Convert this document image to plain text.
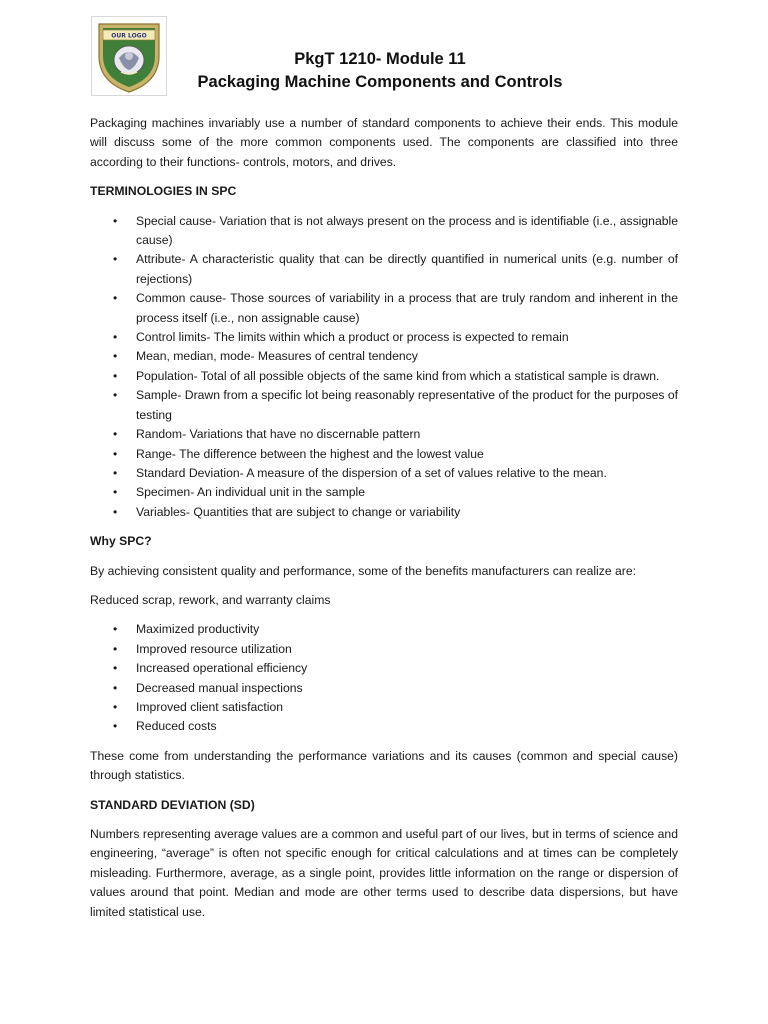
OUR LOGO
PkgT 1210- Module 11
Packaging Machine Components and Controls

Packaging machines invariably use a number of standard components to achieve their ends. This module will discuss some of the more common components used. The components are classified into three according to their functions- controls, motors, and drives.

TERMINOLOGIES IN SPC
• Special cause- Variation that is not always present on the process and is identifiable (i.e., assignable cause)
• Attribute- A characteristic quality that can be directly quantified in numerical units (e.g. number of rejections)
• Common cause- Those sources of variability in a process that are truly random and inherent in the process itself (i.e., non assignable cause)
• Control limits- The limits within which a product or process is expected to remain
• Mean, median, mode- Measures of central tendency
• Population- Total of all possible objects of the same kind from which a statistical sample is drawn.
• Sample- Drawn from a specific lot being reasonably representative of the product for the purposes of testing
• Random- Variations that have no discernable pattern
• Range- The difference between the highest and the lowest value
• Standard Deviation- A measure of the dispersion of a set of values relative to the mean.
• Specimen- An individual unit in the sample
• Variables- Quantities that are subject to change or variability
Why SPC?

By achieving consistent quality and performance, some of the benefits manufacturers can realize are:

Reduced scrap, rework, and warranty claims

• Maximized productivity
• Improved resource utilization
• Increased operational efficiency
• Decreased manual inspections
• Improved client satisfaction
• Reduced costs

These come from understanding the performance variations and its causes (common and special cause) through statistics.

STANDARD DEVIATION (SD)

Numbers representing average values are a common and useful part of our lives, but in terms of science and engineering, “average” is often not specific enough for critical calculations and at times can be completely misleading. Furthermore, average, as a single point, provides little information on the range or dispersion of values around that point. Median and mode are other terms used to describe data dispersions, but have limited statistical use.
